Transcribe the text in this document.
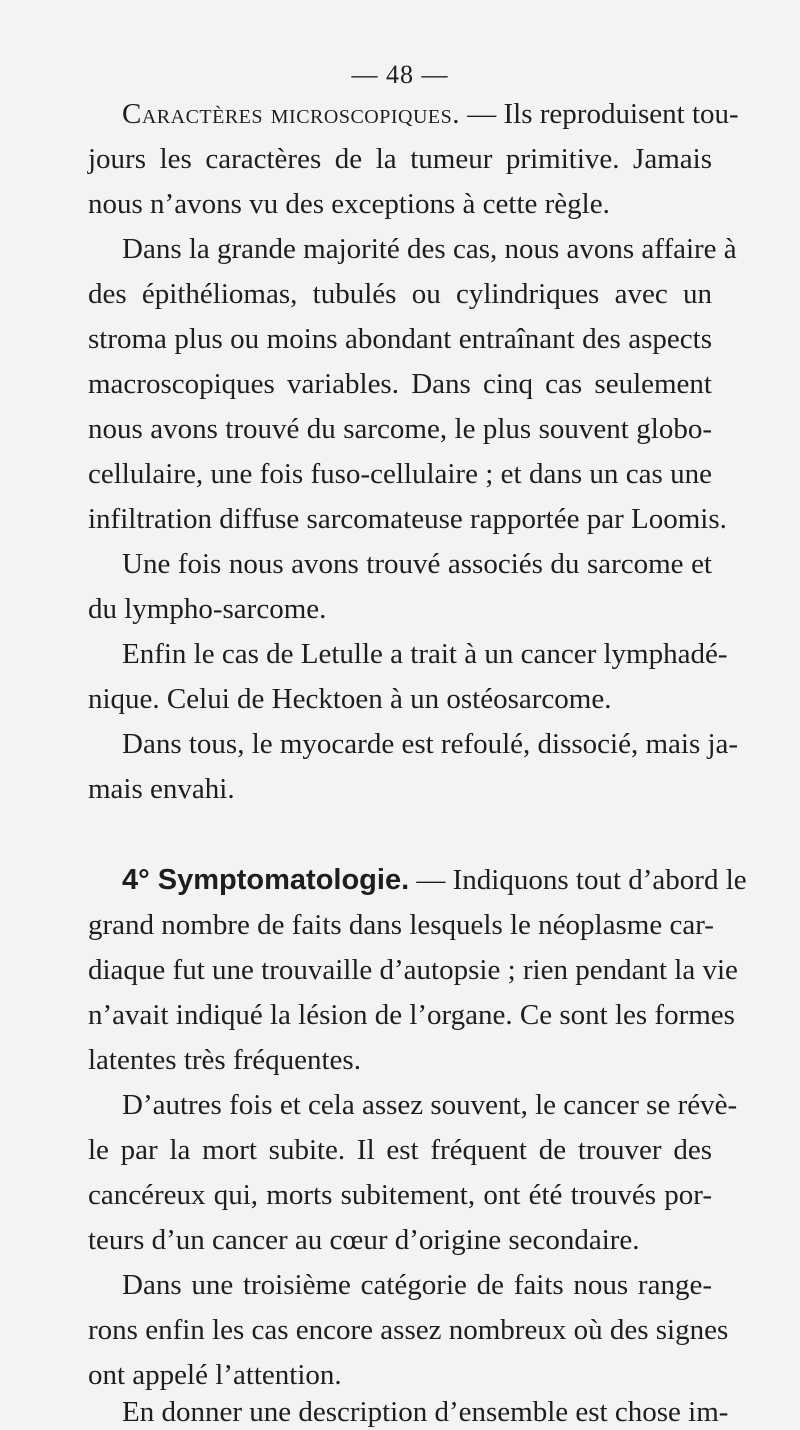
— 48 —
Caractères microscopiques. — Ils reproduisent tou-
jours les caractères de la tumeur primitive. Jamais
nous n’avons vu des exceptions à cette règle.
Dans la grande majorité des cas, nous avons affaire à
des épithéliomas, tubulés ou cylindriques avec un
stroma plus ou moins abondant entraînant des aspects
macroscopiques variables. Dans cinq cas seulement
nous avons trouvé du sarcome, le plus souvent globo-
cellulaire, une fois fuso-cellulaire ; et dans un cas une
infiltration diffuse sarcomateuse rapportée par Loomis.
Une fois nous avons trouvé associés du sarcome et
du lympho-sarcome.
Enfin le cas de Letulle a trait à un cancer lymphadé-
nique. Celui de Hecktoen à un ostéosarcome.
Dans tous, le myocarde est refoulé, dissocié, mais ja-
mais envahi.
4° Symptomatologie. — Indiquons tout d’abord le
grand nombre de faits dans lesquels le néoplasme car-
diaque fut une trouvaille d’autopsie ; rien pendant la vie
n’avait indiqué la lésion de l’organe. Ce sont les formes
latentes très fréquentes.
D’autres fois et cela assez souvent, le cancer se révè-
le par la mort subite. Il est fréquent de trouver des
cancéreux qui, morts subitement, ont été trouvés por-
teurs d’un cancer au cœur d’origine secondaire.
Dans une troisième catégorie de faits nous range-
rons enfin les cas encore assez nombreux où des signes
ont appelé l’attention.
En donner une description d’ensemble est chose im-
